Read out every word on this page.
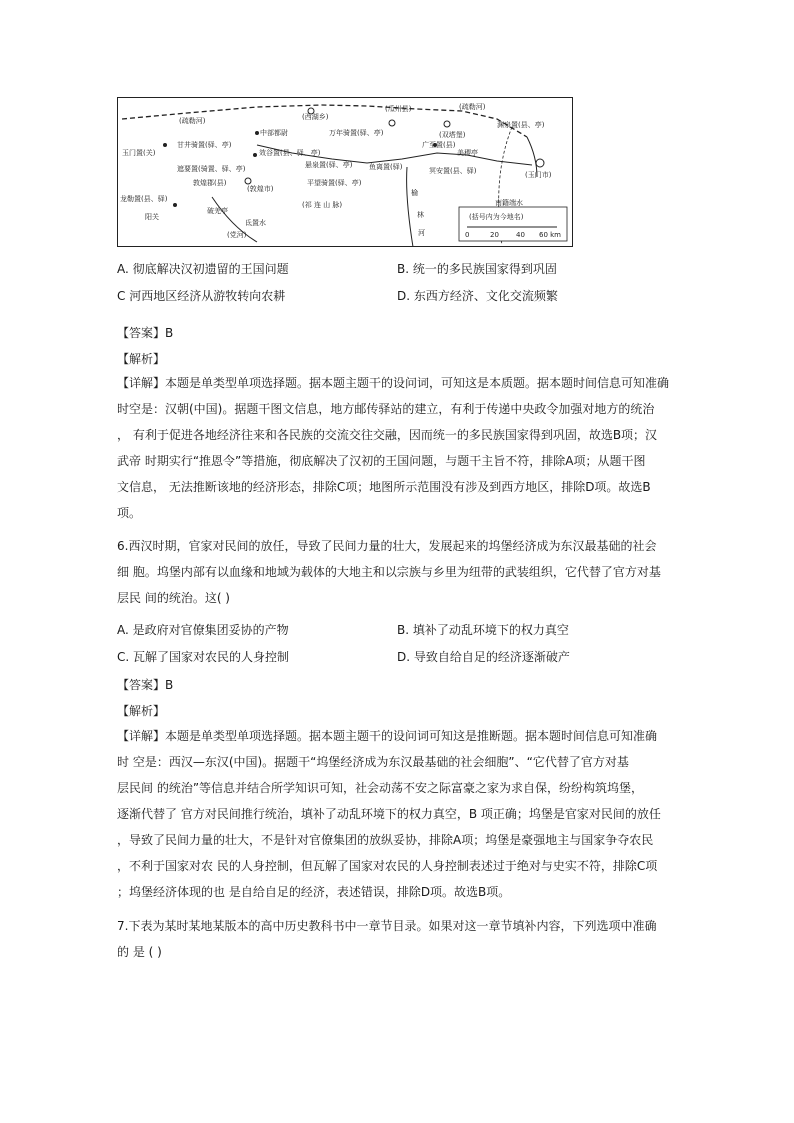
(疏勒河)	(西湖乡)
(瓜州县)	(疏勒河)
中部都尉	万年骑置(驿、亭)	(双塔堡)
渊泉置(县、亭)
玉门置(关)
甘井骑置(驿、亭)
效谷置(县、驿、亭)
广至置(县)
美稷亭
遮要置(骑置、驿、亭)	悬泉置(驿、亭) 鱼离置(驿)	冥安置(县、驿)
敦煌郡(县)
(敦煌市)
平望骑置(驿、亭)
龙勒置(县、驿)
(祁 连 山 脉)
阳关
破羌亭
(党河)
氐置水
榆
林
河
南籍端水
(玉门市)
(括号内为今地名)
0	20 40 60 km
A. 彻底解决汉初遗留的王国问题	B. 统一的多民族国家得到巩固
C 河西地区经济从游牧转向农耕	D. 东西方经济、文化交流频繁
【答案】B
【解析】
【详解】本题是单类型单项选择题。据本题主题干的设问词，可知这是本质题。据本题时间信息可知准确
时空是：汉朝(中国)。据题干图文信息，地方邮传驿站的建立，有利于传递中央政令加强对地方的统治
， 有利于促进各地经济往来和各民族的交流交往交融，因而统一的多民族国家得到巩固，故选B项；汉
武帝 时期实行“推恩令”等措施，彻底解决了汉初的王国问题，与题干主旨不符，排除A项；从题干图
文信息， 无法推断该地的经济形态，排除C项；地图所示范围没有涉及到西方地区，排除D项。故选B
项。
6.西汉时期，官家对民间的放任，导致了民间力量的壮大，发展起来的坞堡经济成为东汉最基础的社会
细 胞。坞堡内部有以血缘和地域为载体的大地主和以宗族与乡里为纽带的武装组织，它代替了官方对基
层民 间的统治。这( )
A. 是政府对官僚集团妥协的产物	B. 填补了动乱环境下的权力真空
C. 瓦解了国家对农民的人身控制	D. 导致自给自足的经济逐渐破产
【答案】B
【解析】
【详解】本题是单类型单项选择题。据本题主题干的设问词可知这是推断题。据本题时间信息可知准确
时 空是：西汉—东汉(中国)。据题干“坞堡经济成为东汉最基础的社会细胞”、“它代替了官方对基
层民间 的统治”等信息并结合所学知识可知，社会动荡不安之际富豪之家为求自保，纷纷构筑坞堡，
逐渐代替了 官方对民间推行统治，填补了动乱环境下的权力真空，B 项正确；坞堡是官家对民间的放任
，导致了民间力量的壮大，不是针对官僚集团的放纵妥协，排除A项；坞堡是豪强地主与国家争夺农民
，不利于国家对农 民的人身控制，但瓦解了国家对农民的人身控制表述过于绝对与史实不符，排除C项
；坞堡经济体现的也 是自给自足的经济，表述错误，排除D项。故选B项。
7.下表为某时某地某版本的高中历史教科书中一章节目录。如果对这一章节填补内容，下列选项中准确
的 是 ( )
